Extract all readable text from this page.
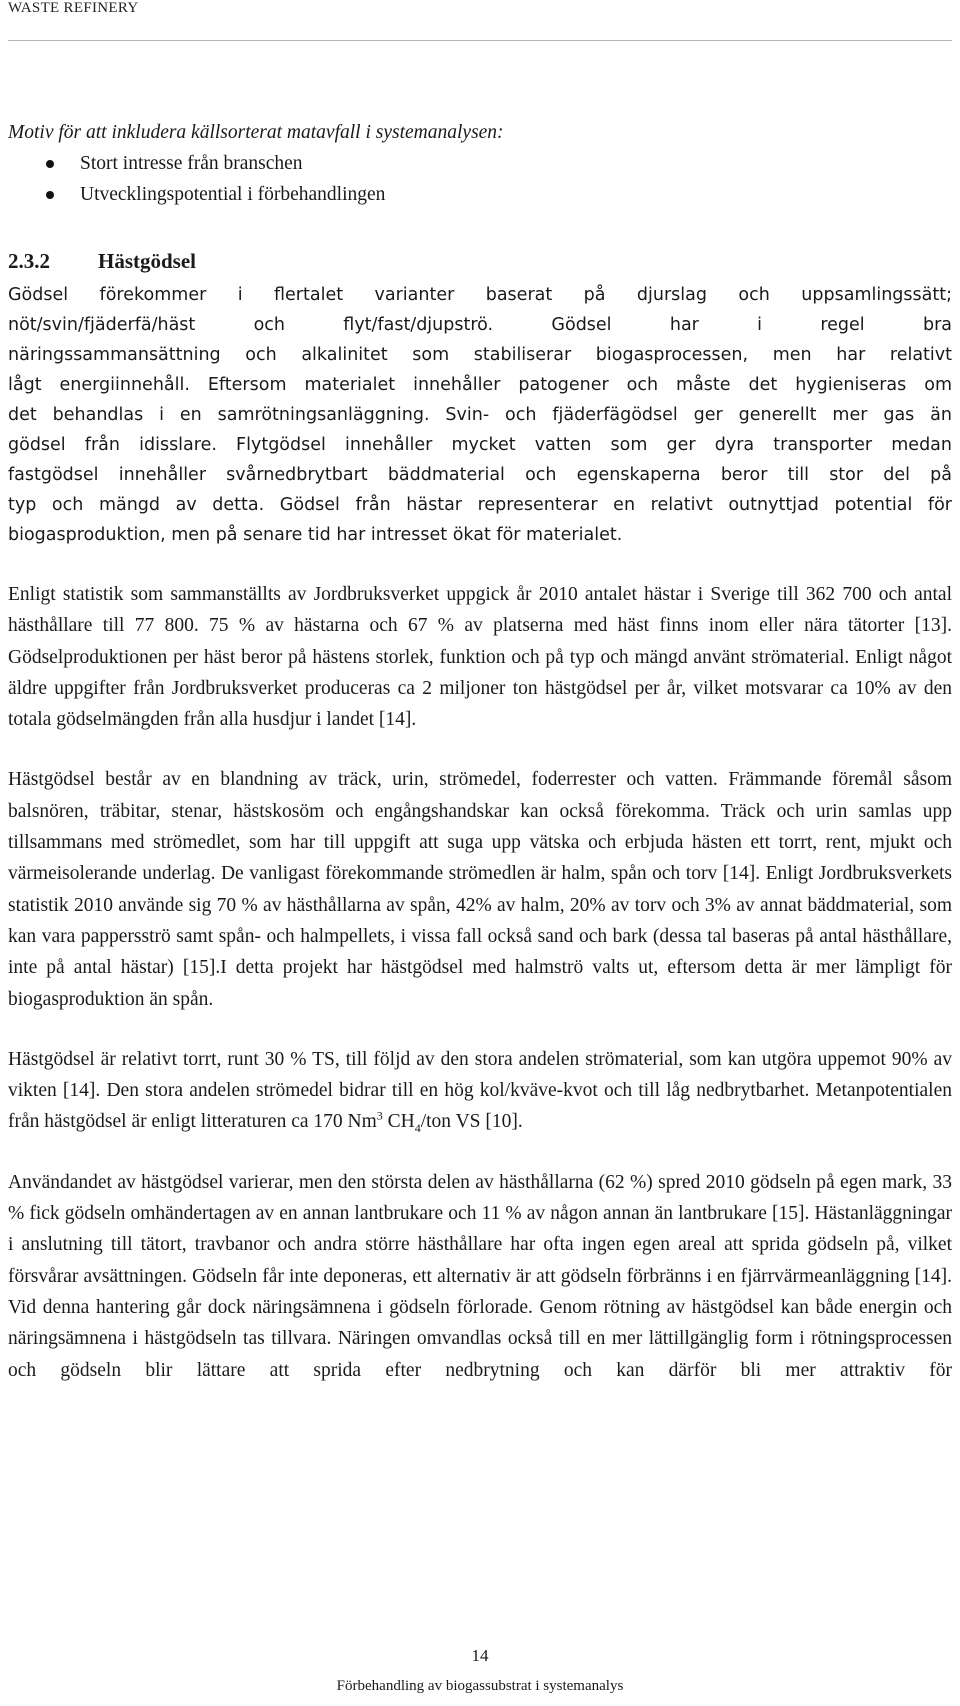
WASTE REFINERY

Motiv för att inkludera källsorterat matavfall i systemanalysen:

Stort intresse från branschen
Utvecklingspotential i förbehandlingen
2.3.2	Hästgödsel
Gödsel förekommer i flertalet varianter baserat på djurslag och uppsamlingssätt;
nöt/svin/fjäderfä/häst och flyt/fast/djupströ. Gödsel har i regel bra
näringssammansättning och alkalinitet som stabiliserar biogasprocessen, men har relativt
lågt energiinnehåll. Eftersom materialet innehåller patogener och måste det hygieniseras om
det behandlas i en samrötningsanläggning. Svin- och fjäderfägödsel ger generellt mer gas än
gödsel från idisslare. Flytgödsel innehåller mycket vatten som ger dyra transporter medan
fastgödsel innehåller svårnedbrytbart bäddmaterial och egenskaperna beror till stor del på
typ och mängd av detta. Gödsel från hästar representerar en relativt outnyttjad potential för
biogasproduktion, men på senare tid har intresset ökat för materialet.

Enligt statistik som sammanställts av Jordbruksverket uppgick år 2010 antalet hästar i Sverige till 362 700 och antal hästhållare till 77 800. 75 % av hästarna och 67 % av platserna med häst finns inom eller nära tätorter [13]. Gödselproduktionen per häst beror på hästens storlek, funktion och på typ och mängd använt strömaterial. Enligt något äldre uppgifter från Jordbruksverket produceras ca 2 miljoner ton hästgödsel per år, vilket motsvarar ca 10% av den totala gödselmängden från alla husdjur i landet [14].

Hästgödsel består av en blandning av träck, urin, strömedel, foderrester och vatten. Främmande föremål såsom balsnören, träbitar, stenar, hästskosöm och engångshandskar kan också förekomma. Träck och urin samlas upp tillsammans med strömedlet, som har till uppgift att suga upp vätska och erbjuda hästen ett torrt, rent, mjukt och värmeisolerande underlag. De vanligast förekommande strömedlen är halm, spån och torv [14]. Enligt Jordbruksverkets statistik 2010 använde sig 70 % av hästhållarna av spån, 42% av halm, 20% av torv och 3% av annat bäddmaterial, som kan vara pappersströ samt spån- och halmpellets, i vissa fall också sand och bark (dessa tal baseras på antal hästhållare, inte på antal hästar) [15].I detta projekt har hästgödsel med halmströ valts ut, eftersom detta är mer lämpligt för biogasproduktion än spån.

Hästgödsel är relativt torrt, runt 30 % TS, till följd av den stora andelen strömaterial, som kan utgöra uppemot 90% av vikten [14]. Den stora andelen strömedel bidrar till en hög kol/kväve-kvot och till låg nedbrytbarhet. Metanpotentialen från hästgödsel är enligt litteraturen ca 170 Nm$^3$ $CH_4$/ton VS [10].

Användandet av hästgödsel varierar, men den största delen av hästhållarna (62 %) spred 2010 gödseln på egen mark, 33 % fick gödseln omhändertagen av en annan lantbrukare och 11 % av någon annan än lantbrukare [15]. Hästanläggningar i anslutning till tätort, travbanor och andra större hästhållare har ofta ingen egen areal att sprida gödseln på, vilket försvårar avsättningen. Gödseln får inte deponeras, ett alternativ är att gödseln förbränns i en fjärrvärmeanläggning [14]. Vid denna hantering går dock näringsämnena i gödseln förlorade. Genom rötning av hästgödsel kan både energin och näringsämnena i hästgödseln tas tillvara. Näringen omvandlas också till en mer lättillgänglig form i rötningsprocessen och gödseln blir lättare att sprida efter nedbrytning och kan därför bli mer attraktiv för

14
Förbehandling av biogassubstrat i systemanalys
